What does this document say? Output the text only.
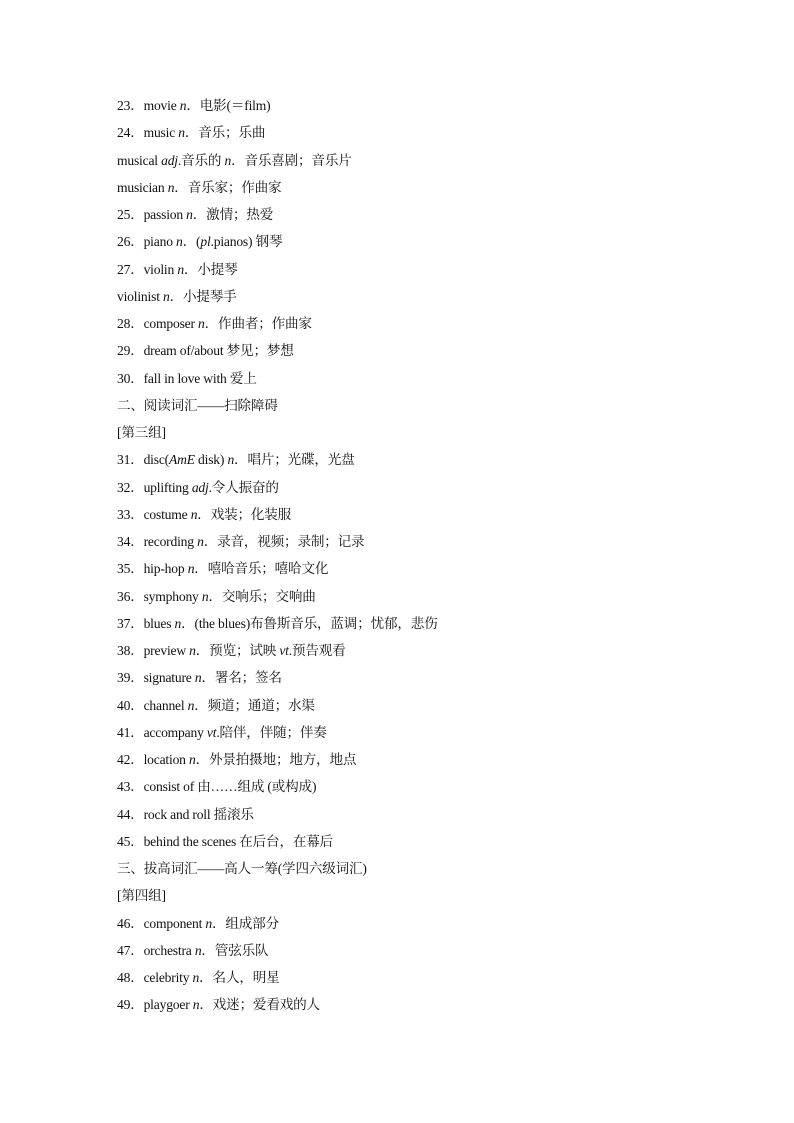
23．movie n．电影(＝film)
24．music n．音乐；乐曲
musical adj.音乐的 n．音乐喜剧；音乐片
musician n．音乐家；作曲家
25．passion n．激情；热爱
26．piano n．(pl.pianos) 钢琴
27．violin n．小提琴
violinist n．小提琴手
28．composer n．作曲者；作曲家
29．dream of/about 梦见；梦想
30．fall in love with 爱上
二、阅读词汇——扫除障碍
[第三组]
31．disc(AmE disk) n．唱片；光碟，光盘
32．uplifting adj.令人振奋的
33．costume n．戏装；化装服
34．recording n．录音，视频；录制；记录
35．hip-hop n．嘻哈音乐；嘻哈文化
36．symphony n．交响乐；交响曲
37．blues n．(the blues)布鲁斯音乐，蓝调；忧郁，悲伤
38．preview n．预览；试映 vt.预告观看
39．signature n．署名；签名
40．channel n．频道；通道；水渠
41．accompany vt.陪伴，伴随；伴奏
42．location n．外景拍摄地；地方，地点
43．consist of 由……组成 (或构成)
44．rock and roll 摇滚乐
45．behind the scenes 在后台，在幕后
三、拔高词汇——高人一筹(学四六级词汇)
[第四组]
46．component n．组成部分
47．orchestra n．管弦乐队
48．celebrity n．名人，明星
49．playgoer n．戏迷；爱看戏的人
